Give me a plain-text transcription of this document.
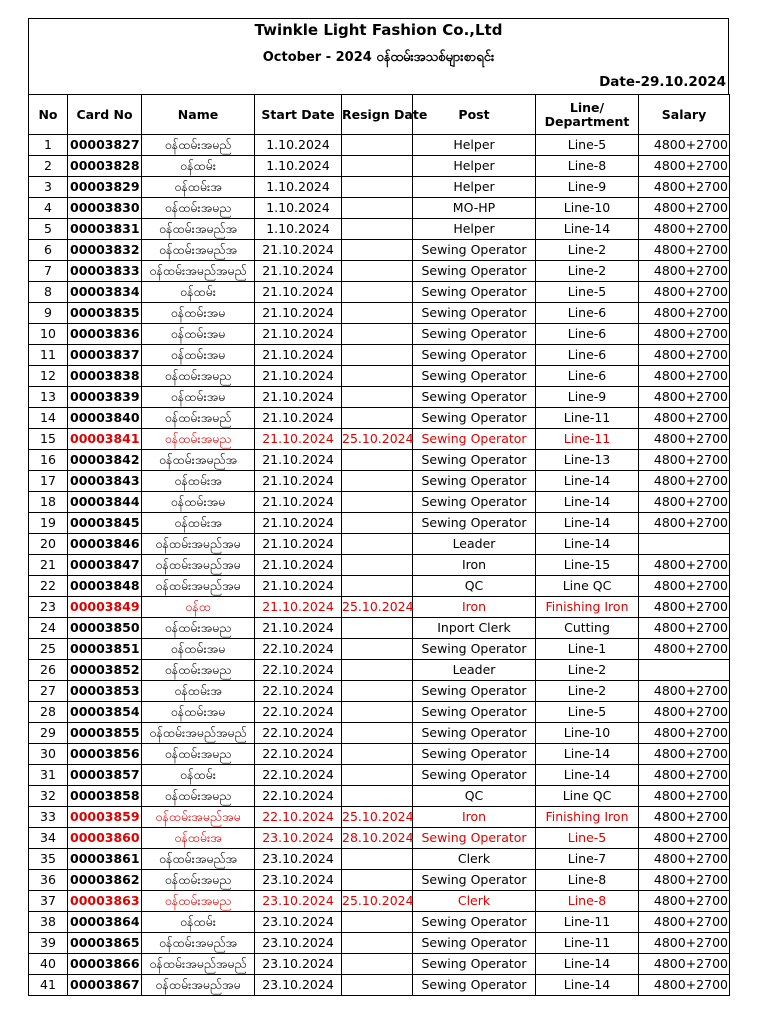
Twinkle Light Fashion Co.,Ltd
October - 2024 ဝန်ထမ်းအသစ်များစာရင်း
Date-29.10.2024
No	Card No	Name	Start Date	Resign Date	Post	Line/ Department	Salary
1	00003827	ဝန်ထမ်းအမည်	1.10.2024		Helper	Line-5	4800+2700
2	00003828	ဝန်ထမ်း	1.10.2024		Helper	Line-8	4800+2700
3	00003829	ဝန်ထမ်းအ	1.10.2024		Helper	Line-9	4800+2700
4	00003830	ဝန်ထမ်းအမည	1.10.2024		MO-HP	Line-10	4800+2700
5	00003831	ဝန်ထမ်းအမည်အ	1.10.2024		Helper	Line-14	4800+2700
6	00003832	ဝန်ထမ်းအမည်အ	21.10.2024		Sewing Operator	Line-2	4800+2700
7	00003833	ဝန်ထမ်းအမည်အမည်	21.10.2024		Sewing Operator	Line-2	4800+2700
8	00003834	ဝန်ထမ်း	21.10.2024		Sewing Operator	Line-5	4800+2700
9	00003835	ဝန်ထမ်းအမ	21.10.2024		Sewing Operator	Line-6	4800+2700
10	00003836	ဝန်ထမ်းအမ	21.10.2024		Sewing Operator	Line-6	4800+2700
11	00003837	ဝန်ထမ်းအမ	21.10.2024		Sewing Operator	Line-6	4800+2700
12	00003838	ဝန်ထမ်းအမည	21.10.2024		Sewing Operator	Line-6	4800+2700
13	00003839	ဝန်ထမ်းအမ	21.10.2024		Sewing Operator	Line-9	4800+2700
14	00003840	ဝန်ထမ်းအမည်	21.10.2024		Sewing Operator	Line-11	4800+2700
15	00003841	ဝန်ထမ်းအမည	21.10.2024	25.10.2024	Sewing Operator	Line-11	4800+2700
16	00003842	ဝန်ထမ်းအမည်အ	21.10.2024		Sewing Operator	Line-13	4800+2700
17	00003843	ဝန်ထမ်းအ	21.10.2024		Sewing Operator	Line-14	4800+2700
18	00003844	ဝန်ထမ်းအမ	21.10.2024		Sewing Operator	Line-14	4800+2700
19	00003845	ဝန်ထမ်းအ	21.10.2024		Sewing Operator	Line-14	4800+2700
20	00003846	ဝန်ထမ်းအမည်အမ	21.10.2024		Leader	Line-14	
21	00003847	ဝန်ထမ်းအမည်အမ	21.10.2024		Iron	Line-15	4800+2700
22	00003848	ဝန်ထမ်းအမည်အမ	21.10.2024		QC	Line QC	4800+2700
23	00003849	ဝန်ထ	21.10.2024	25.10.2024	Iron	Finishing Iron	4800+2700
24	00003850	ဝန်ထမ်းအမည	21.10.2024		Inport Clerk	Cutting	4800+2700
25	00003851	ဝန်ထမ်းအမ	22.10.2024		Sewing Operator	Line-1	4800+2700
26	00003852	ဝန်ထမ်းအမည	22.10.2024		Leader	Line-2	
27	00003853	ဝန်ထမ်းအ	22.10.2024		Sewing Operator	Line-2	4800+2700
28	00003854	ဝန်ထမ်းအမ	22.10.2024		Sewing Operator	Line-5	4800+2700
29	00003855	ဝန်ထမ်းအမည်အမည်	22.10.2024		Sewing Operator	Line-10	4800+2700
30	00003856	ဝန်ထမ်းအမည	22.10.2024		Sewing Operator	Line-14	4800+2700
31	00003857	ဝန်ထမ်း	22.10.2024		Sewing Operator	Line-14	4800+2700
32	00003858	ဝန်ထမ်းအမည	22.10.2024		QC	Line QC	4800+2700
33	00003859	ဝန်ထမ်းအမည်အမ	22.10.2024	25.10.2024	Iron	Finishing Iron	4800+2700
34	00003860	ဝန်ထမ်းအ	23.10.2024	28.10.2024	Sewing Operator	Line-5	4800+2700
35	00003861	ဝန်ထမ်းအမည်အ	23.10.2024		Clerk	Line-7	4800+2700
36	00003862	ဝန်ထမ်းအမည	23.10.2024		Sewing Operator	Line-8	4800+2700
37	00003863	ဝန်ထမ်းအမည	23.10.2024	25.10.2024	Clerk	Line-8	4800+2700
38	00003864	ဝန်ထမ်း	23.10.2024		Sewing Operator	Line-11	4800+2700
39	00003865	ဝန်ထမ်းအမည်အ	23.10.2024		Sewing Operator	Line-11	4800+2700
40	00003866	ဝန်ထမ်းအမည်အမည်	23.10.2024		Sewing Operator	Line-14	4800+2700
41	00003867	ဝန်ထမ်းအမည်အမ	23.10.2024		Sewing Operator	Line-14	4800+2700
